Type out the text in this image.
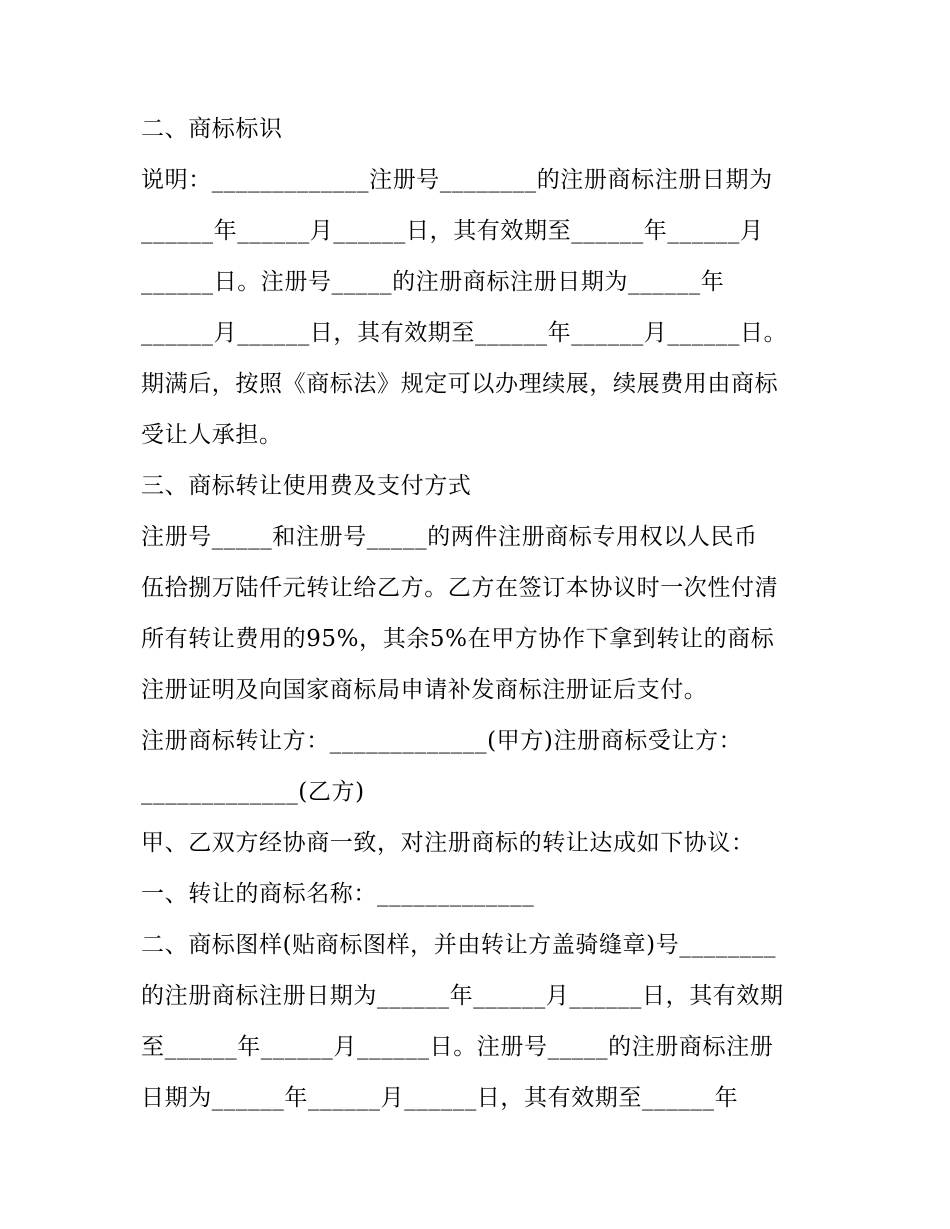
二、商标标识
说明：_____________注册号________的注册商标注册日期为
______年______月______日，其有效期至______年______月
______日。注册号_____的注册商标注册日期为______年
______月______日，其有效期至______年______月______日。
期满后，按照《商标法》规定可以办理续展，续展费用由商标
受让人承担。
三、商标转让使用费及支付方式
注册号_____和注册号_____的两件注册商标专用权以人民币
伍拾捌万陆仟元转让给乙方。乙方在签订本协议时一次性付清
所有转让费用的95%，其余5%在甲方协作下拿到转让的商标
注册证明及向国家商标局申请补发商标注册证后支付。
注册商标转让方：_____________(甲方)注册商标受让方：
_____________(乙方)
甲、乙双方经协商一致，对注册商标的转让达成如下协议：
一、转让的商标名称：_____________
二、商标图样(贴商标图样，并由转让方盖骑缝章)号________
的注册商标注册日期为______年______月______日，其有效期
至______年______月______日。注册号_____的注册商标注册
日期为______年______月______日，其有效期至______年
